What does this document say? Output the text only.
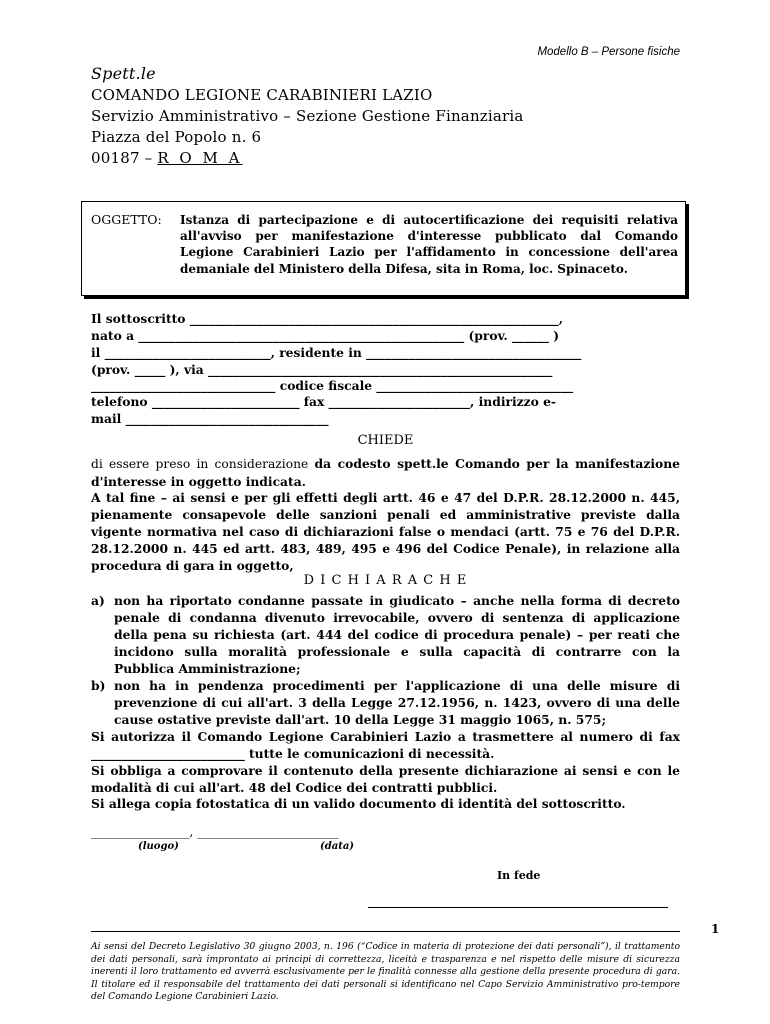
Modello B – Persone fisiche
Spett.le
COMANDO LEGIONE CARABINIERI LAZIO
Servizio Amministrativo – Sezione Gestione Finanziaria
Piazza del Popolo n. 6
00187 – R O M A
OGGETTO: Istanza di partecipazione e di autocertificazione dei requisiti relativa all'avviso per manifestazione d'interesse pubblicato dal Comando Legione Carabinieri Lazio per l'affidamento in concessione dell'area demaniale del Ministero della Difesa, sita in Roma, loc. Spinaceto.
Il sottoscritto ____________________________________________________________,
nato a _____________________________________________________ (prov. ______ )
il ___________________________, residente in ___________________________________
(prov. _____ ), via ________________________________________________________
______________________________ codice fiscale ________________________________
telefono ________________________ fax _______________________, indirizzo e-
mail _________________________________
CHIEDE
di essere preso in considerazione da codesto spett.le Comando per la manifestazione d'interesse in oggetto indicata.
A tal fine – ai sensi e per gli effetti degli artt. 46 e 47 del D.P.R. 28.12.2000 n. 445, pienamente consapevole delle sanzioni penali ed amministrative previste dalla vigente normativa nel caso di dichiarazioni false o mendaci (artt. 75 e 76 del D.P.R. 28.12.2000 n. 445 ed artt. 483, 489, 495 e 496 del Codice Penale), in relazione alla procedura di gara in oggetto,
D I C H I A R A C H E
a) non ha riportato condanne passate in giudicato – anche nella forma di decreto penale di condanna divenuto irrevocabile, ovvero di sentenza di applicazione della pena su richiesta (art. 444 del codice di procedura penale) – per reati che incidono sulla moralità professionale e sulla capacità di contrarre con la Pubblica Amministrazione;
b) non ha in pendenza procedimenti per l'applicazione di una delle misure di prevenzione di cui all'art. 3 della Legge 27.12.1956, n. 1423, ovvero di una delle cause ostative previste dall'art. 10 della Legge 31 maggio 1065, n. 575;
Si autorizza il Comando Legione Carabinieri Lazio a trasmettere al numero di fax _________________________ tutte le comunicazioni di necessità.
Si obbliga a comprovare il contenuto della presente dichiarazione ai sensi e con le modalità di cui all'art. 48 del Codice dei contratti pubblici.
Si allega copia fotostatica di un valido documento di identità del sottoscritto.
________________, _______________________
(luogo)	(data)
In fede
1
Ai sensi del Decreto Legislativo 30 giugno 2003, n. 196 (“Codice in materia di protezione dei dati personali”), il trattamento dei dati personali, sarà improntato ai principi di correttezza, liceità e trasparenza e nel rispetto delle misure di sicurezza inerenti il loro trattamento ed avverrà esclusivamente per le finalità connesse alla gestione della presente procedura di gara. Il titolare ed il responsabile del trattamento dei dati personali si identificano nel Capo Servizio Amministrativo pro-tempore del Comando Legione Carabinieri Lazio.
